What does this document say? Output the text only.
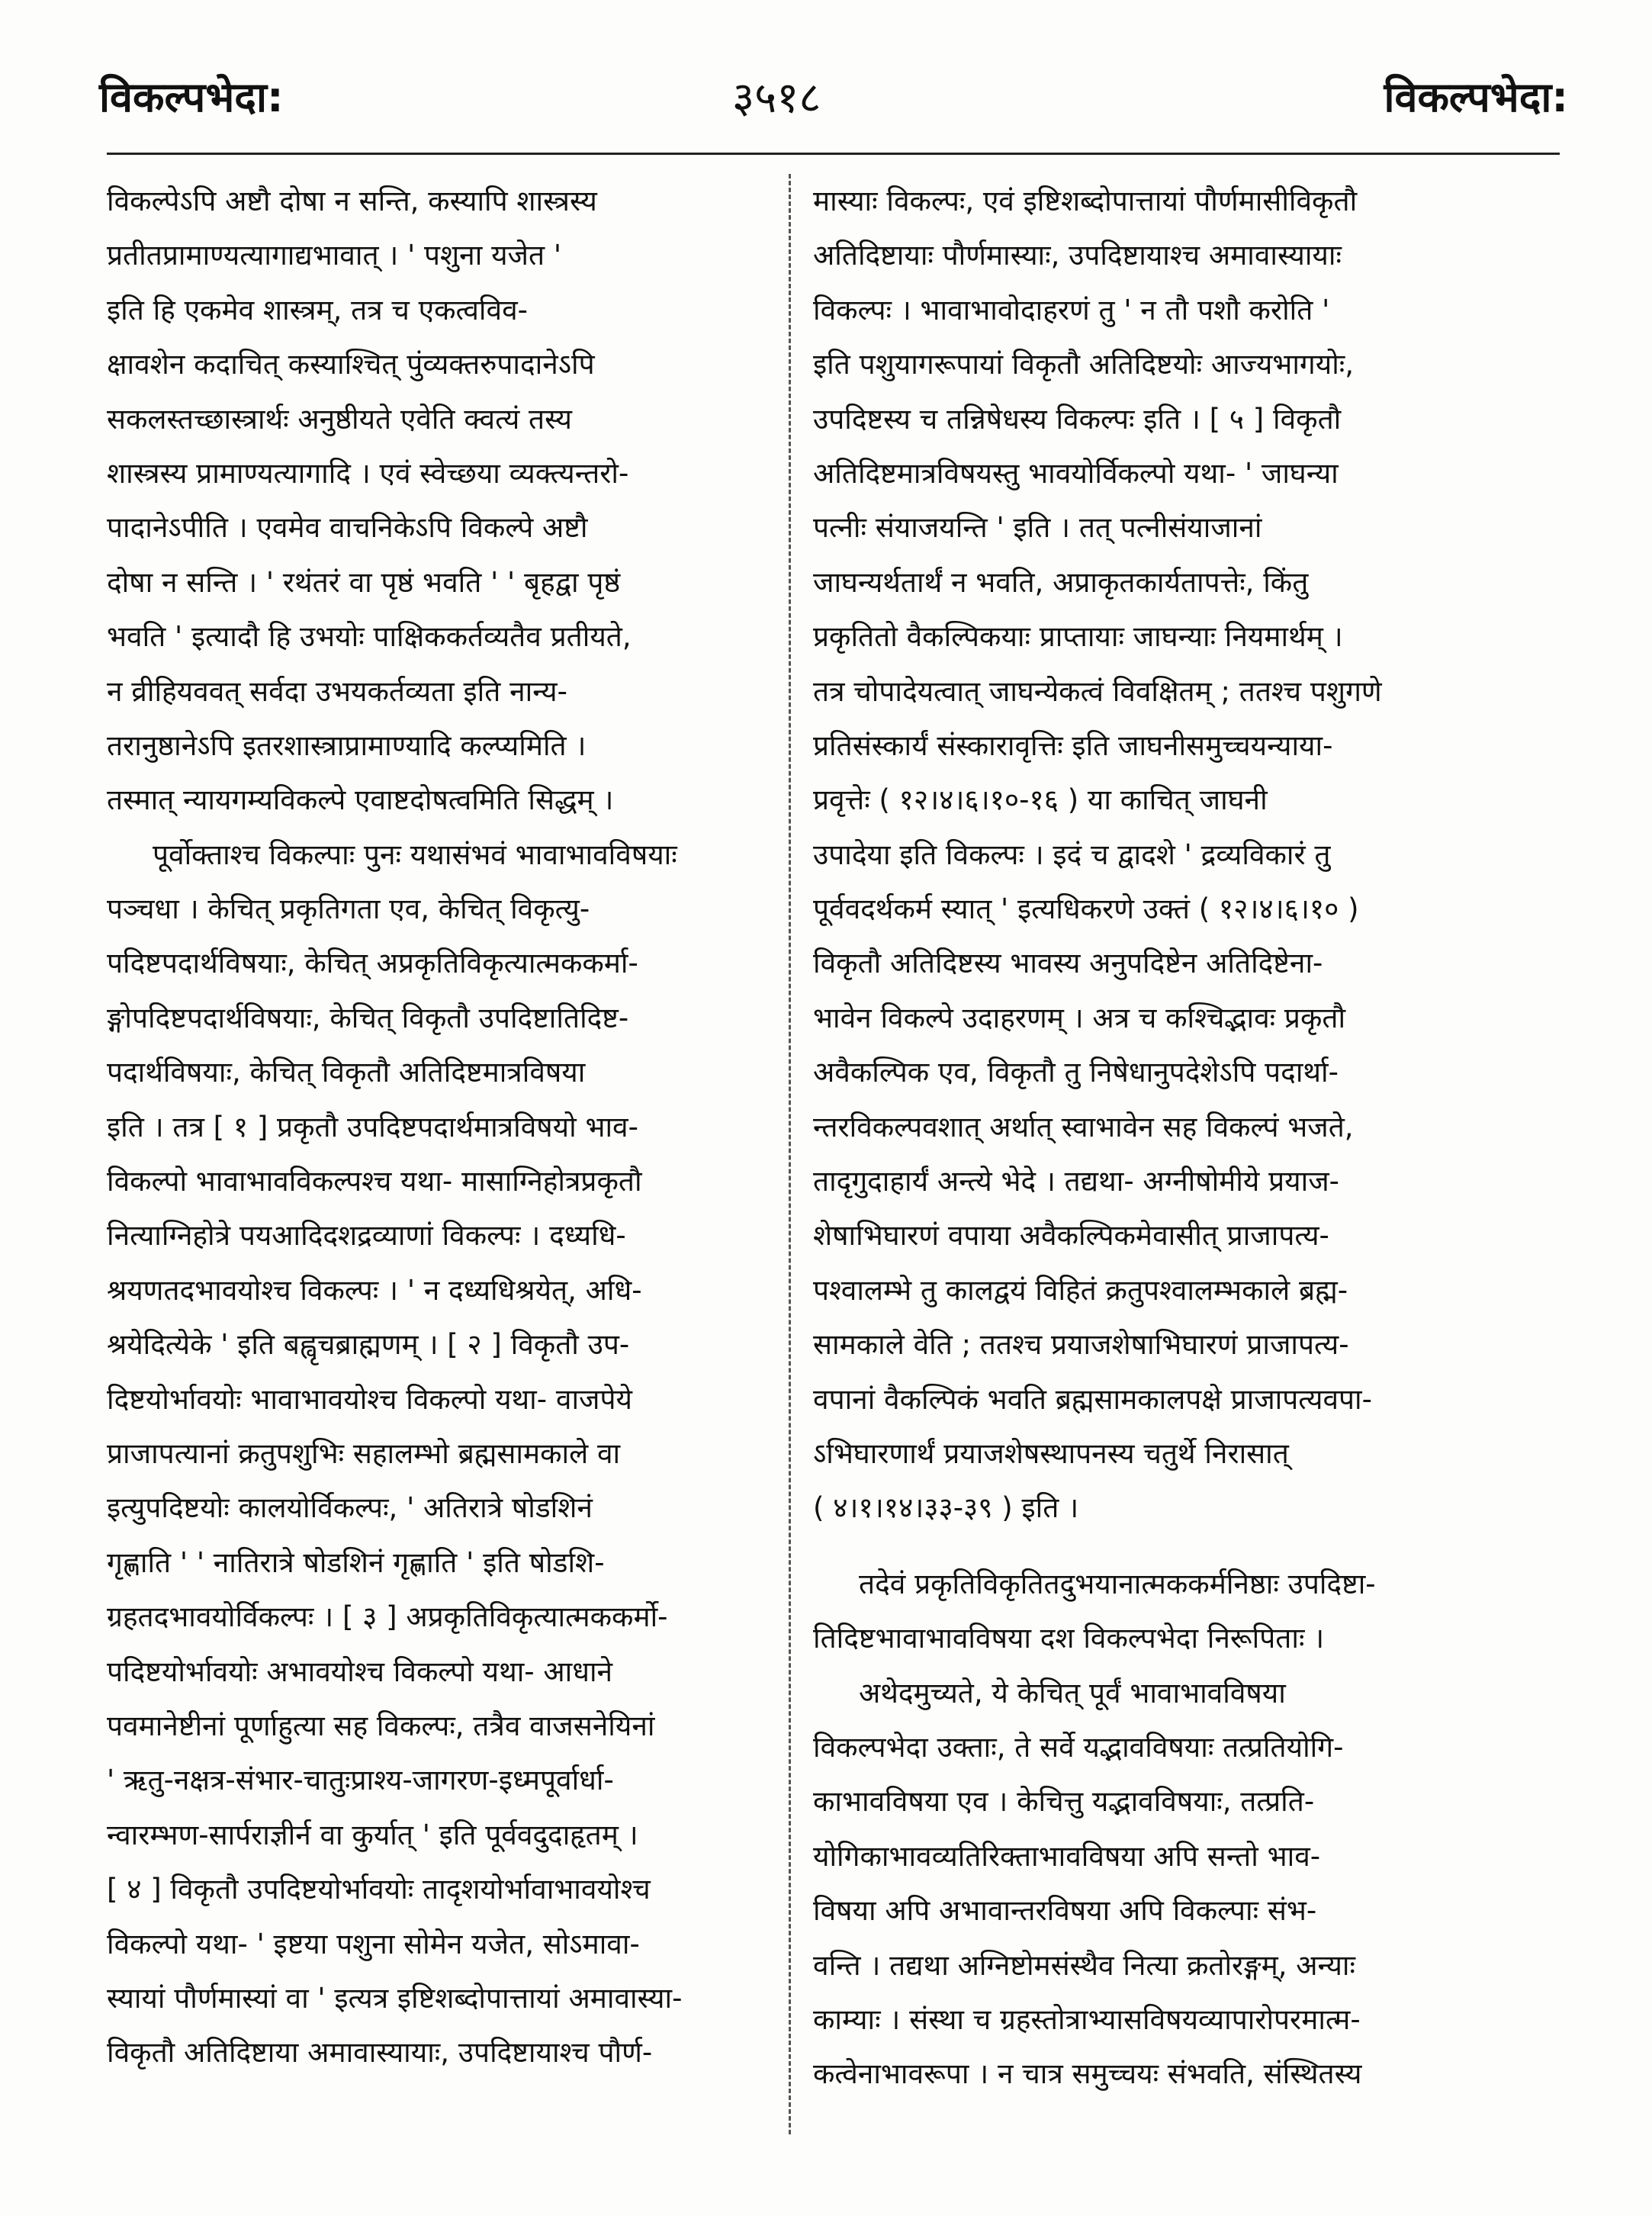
विकल्पभेदा:	३५१८	विकल्पभेदा:
विकल्पेऽपि अष्टौ दोषा न सन्ति, कस्यापि शास्त्रस्य
प्रतीतप्रामाण्यत्यागाद्यभावात् । ' पशुना यजेत '
इति हि एकमेव शास्त्रम्, तत्र च एकत्वविव-
क्षावशेन कदाचित् कस्याश्चित् पुंव्यक्तरुपादानेऽपि
सकलस्तच्छास्त्रार्थः अनुष्ठीयते एवेति क्वत्यं तस्य
शास्त्रस्य प्रामाण्यत्यागादि । एवं स्वेच्छया व्यक्त्यन्तरो-
पादानेऽपीति । एवमेव वाचनिकेऽपि विकल्पे अष्टौ
दोषा न सन्ति । ' रथंतरं वा पृष्ठं भवति ' ' बृहद्वा पृष्ठं
भवति ' इत्यादौ हि उभयोः पाक्षिककर्तव्यतैव प्रतीयते,
न व्रीहियववत् सर्वदा उभयकर्तव्यता इति नान्य-
तरानुष्ठानेऽपि इतरशास्त्राप्रामाण्यादि कल्प्यमिति ।
तस्मात् न्यायगम्यविकल्पे एवाष्टदोषत्वमिति सिद्धम् ।
पूर्वोक्ताश्च विकल्पाः पुनः यथासंभवं भावाभावविषयाः
पञ्चधा । केचित् प्रकृतिगता एव, केचित् विकृत्यु-
पदिष्टपदार्थविषयाः, केचित् अप्रकृतिविकृत्यात्मककर्मा-
ङ्गोपदिष्टपदार्थविषयाः, केचित् विकृतौ उपदिष्टातिदिष्ट-
पदार्थविषयाः, केचित् विकृतौ अतिदिष्टमात्रविषया
इति । तत्र [ १ ] प्रकृतौ उपदिष्टपदार्थमात्रविषयो भाव-
विकल्पो भावाभावविकल्पश्च यथा- मासाग्निहोत्रप्रकृतौ
नित्याग्निहोत्रे पयआदिदशद्रव्याणां विकल्पः । दध्यधि-
श्रयणतदभावयोश्च विकल्पः । ' न दध्यधिश्रयेत्, अधि-
श्रयेदित्येके ' इति बह्वृचब्राह्मणम् । [ २ ] विकृतौ उप-
दिष्टयोर्भावयोः भावाभावयोश्च विकल्पो यथा- वाजपेये
प्राजापत्यानां क्रतुपशुभिः सहालम्भो ब्रह्मसामकाले वा
इत्युपदिष्टयोः कालयोर्विकल्पः, ' अतिरात्रे षोडशिनं
गृह्णाति ' ' नातिरात्रे षोडशिनं गृह्णाति ' इति षोडशि-
ग्रहतदभावयोर्विकल्पः । [ ३ ] अप्रकृतिविकृत्यात्मककर्मो-
पदिष्टयोर्भावयोः अभावयोश्च विकल्पो यथा- आधाने
पवमानेष्टीनां पूर्णाहुत्या सह विकल्पः, तत्रैव वाजसनेयिनां
' ऋतु-नक्षत्र-संभार-चातुःप्राश्य-जागरण-इध्मपूर्वार्धा-
न्वारम्भण-सार्पराज्ञीर्न वा कुर्यात् ' इति पूर्ववदुदाहृतम् ।
[ ४ ] विकृतौ उपदिष्टयोर्भावयोः तादृशयोर्भावाभावयोश्च
विकल्पो यथा- ' इष्टया पशुना सोमेन यजेत, सोऽमावा-
स्यायां पौर्णमास्यां वा ' इत्यत्र इष्टिशब्दोपात्तायां अमावास्या-
विकृतौ अतिदिष्टाया अमावास्यायाः, उपदिष्टायाश्च पौर्ण-
मास्याः विकल्पः, एवं इष्टिशब्दोपात्तायां पौर्णमासीविकृतौ
अतिदिष्टायाः पौर्णमास्याः, उपदिष्टायाश्च अमावास्यायाः
विकल्पः । भावाभावोदाहरणं तु ' न तौ पशौ करोति '
इति पशुयागरूपायां विकृतौ अतिदिष्टयोः आज्यभागयोः,
उपदिष्टस्य च तन्निषेधस्य विकल्पः इति । [ ५ ] विकृतौ
अतिदिष्टमात्रविषयस्तु भावयोर्विकल्पो यथा- ' जाघन्या
पत्नीः संयाजयन्ति ' इति । तत् पत्नीसंयाजानां
जाघन्यर्थतार्थं न भवति, अप्राकृतकार्यतापत्तेः, किंतु
प्रकृतितो वैकल्पिकयाः प्राप्तायाः जाघन्याः नियमार्थम् ।
तत्र चोपादेयत्वात् जाघन्येकत्वं विवक्षितम् ; ततश्च पशुगणे
प्रतिसंस्कार्यं संस्कारावृत्तिः इति जाघनीसमुच्चयन्याया-
प्रवृत्तेः ( १२।४।६।१०-१६ ) या काचित् जाघनी
उपादेया इति विकल्पः । इदं च द्वादशे ' द्रव्यविकारं तु
पूर्ववदर्थकर्म स्यात् ' इत्यधिकरणे उक्तं ( १२।४।६।१० )
विकृतौ अतिदिष्टस्य भावस्य अनुपदिष्टेन अतिदिष्टेना-
भावेन विकल्पे उदाहरणम् । अत्र च कश्चिद्भावः प्रकृतौ
अवैकल्पिक एव, विकृतौ तु निषेधानुपदेशेऽपि पदार्था-
न्तरविकल्पवशात् अर्थात् स्वाभावेन सह विकल्पं भजते,
तादृगुदाहार्यं अन्त्ये भेदे । तद्यथा- अग्नीषोमीये प्रयाज-
शेषाभिघारणं वपाया अवैकल्पिकमेवासीत् प्राजापत्य-
पश्वालम्भे तु कालद्वयं विहितं क्रतुपश्वालम्भकाले ब्रह्म-
सामकाले वेति ; ततश्च प्रयाजशेषाभिघारणं प्राजापत्य-
वपानां वैकल्पिकं भवति ब्रह्मसामकालपक्षे प्राजापत्यवपा-
ऽभिघारणार्थं प्रयाजशेषस्थापनस्य चतुर्थे निरासात्
( ४।१।१४।३३-३९ ) इति ।
तदेवं प्रकृतिविकृतितदुभयानात्मककर्मनिष्ठाः उपदिष्टा-
तिदिष्टभावाभावविषया दश विकल्पभेदा निरूपिताः ।
अथेदमुच्यते, ये केचित् पूर्वं भावाभावविषया
विकल्पभेदा उक्ताः, ते सर्वे यद्भावविषयाः तत्प्रतियोगि-
काभावविषया एव । केचित्तु यद्भावविषयाः, तत्प्रति-
योगिकाभावव्यतिरिक्ताभावविषया अपि सन्तो भाव-
विषया अपि अभावान्तरविषया अपि विकल्पाः संभ-
वन्ति । तद्यथा अग्निष्टोमसंस्थैव नित्या क्रतोरङ्गम्, अन्याः
काम्याः । संस्था च ग्रहस्तोत्राभ्यासविषयव्यापारोपरमात्म-
कत्वेनाभावरूपा । न चात्र समुच्चयः संभवति, संस्थितस्य
